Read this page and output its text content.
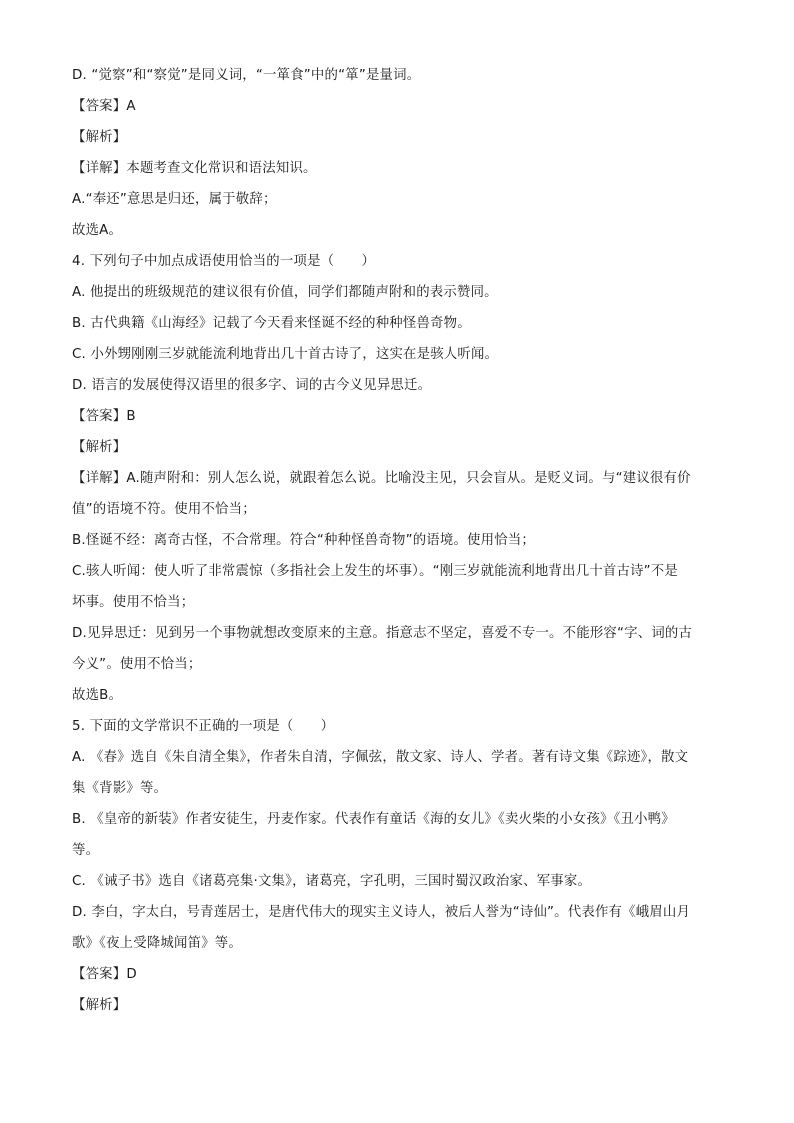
D. “觉察”和“察觉”是同义词，“一箪食”中的“箪”是量词。
【答案】A
【解析】
【详解】本题考查文化常识和语法知识。
A.“奉还”意思是归还，属于敬辞；
故选A。
4. 下列句子中加点成语使用恰当的一项是（　　）
A. 他提出的班级规范的建议很有价值，同学们都随声附和的表示赞同。
B. 古代典籍《山海经》记载了今天看来怪诞不经的种种怪兽奇物。
C. 小外甥刚刚三岁就能流利地背出几十首古诗了，这实在是骇人听闻。
D. 语言的发展使得汉语里的很多字、词的古今义见异思迁。
【答案】B
【解析】
【详解】A.随声附和：别人怎么说，就跟着怎么说。比喻没主见，只会盲从。是贬义词。与“建议很有价
值”的语境不符。使用不恰当；
B.怪诞不经：离奇古怪，不合常理。符合“种种怪兽奇物”的语境。使用恰当；
C.骇人听闻：使人听了非常震惊（多指社会上发生的坏事）。“刚三岁就能流利地背出几十首古诗”不是
坏事。使用不恰当；
D.见异思迁：见到另一个事物就想改变原来的主意。指意志不坚定，喜爱不专一。不能形容“字、词的古
今义”。使用不恰当；
故选B。
5. 下面的文学常识不正确的一项是（　　）
A. 《春》选自《朱自清全集》，作者朱自清，字佩弦，散文家、诗人、学者。著有诗文集《踪迹》，散文
集《背影》等。
B. 《皇帝的新装》作者安徒生，丹麦作家。代表作有童话《海的女儿》《卖火柴的小女孩》《丑小鸭》
等。
C. 《诫子书》选自《诸葛亮集·文集》，诸葛亮，字孔明，三国时蜀汉政治家、军事家。
D. 李白，字太白，号青莲居士，是唐代伟大的现实主义诗人，被后人誉为“诗仙”。代表作有《峨眉山月
歌》《夜上受降城闻笛》等。
【答案】D
【解析】
